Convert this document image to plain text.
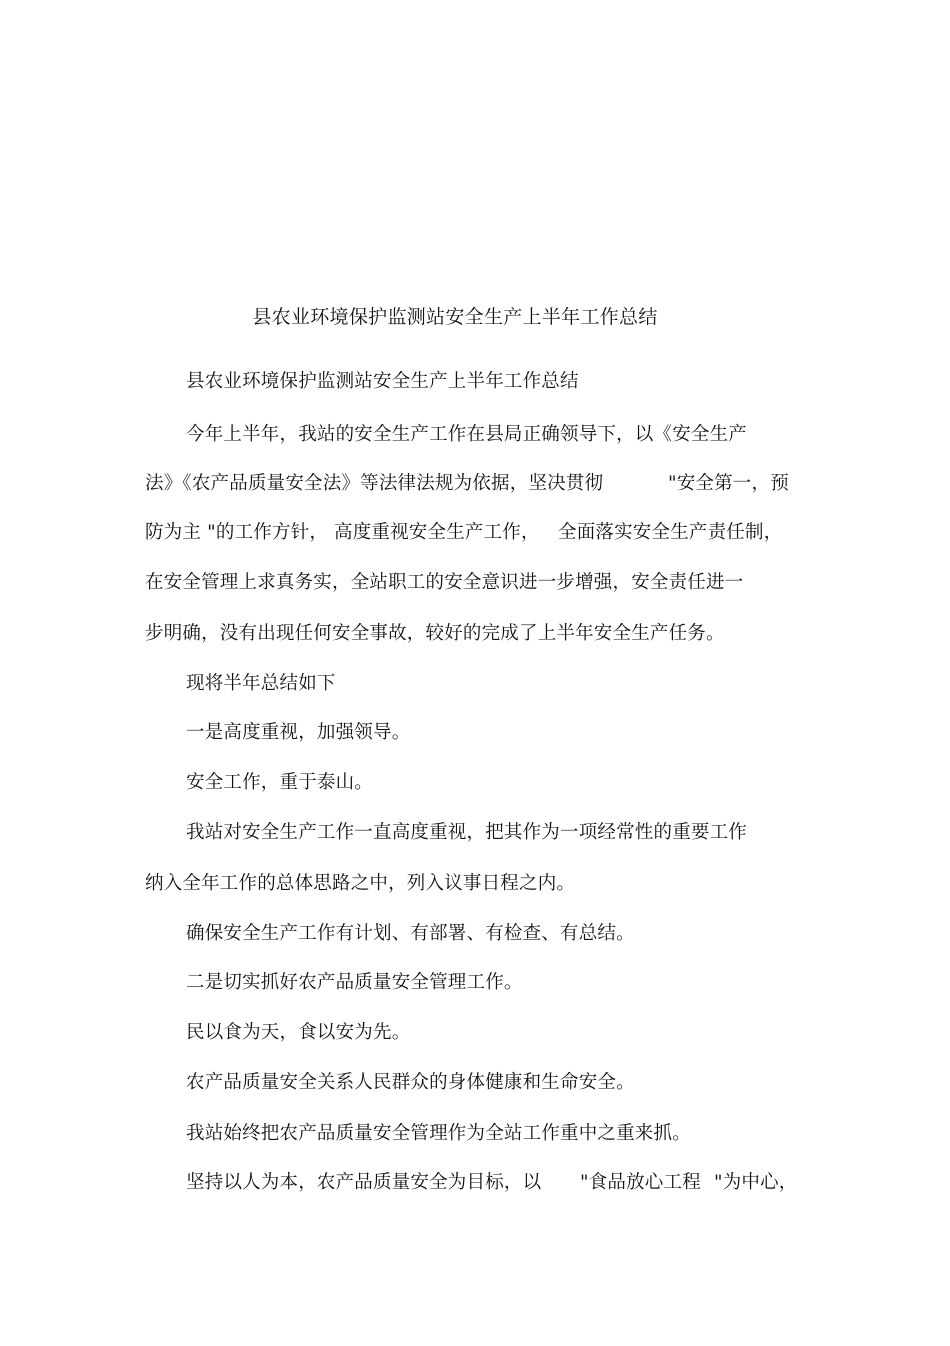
县农业环境保护监测站安全生产上半年工作总结
县农业环境保护监测站安全生产上半年工作总结
今年上半年，我站的安全生产工作在县局正确领导下，以《安全生产
法》《农产品质量安全法》等法律法规为依据，坚决贯彻	"安全第一，预
防为主 "的工作方针， 高度重视安全生产工作， 全面落实安全生产责任制，
在安全管理上求真务实，全站职工的安全意识进一步增强，安全责任进一
步明确，没有出现任何安全事故，较好的完成了上半年安全生产任务。
现将半年总结如下
一是高度重视，加强领导。
安全工作，重于泰山。
我站对安全生产工作一直高度重视，把其作为一项经常性的重要工作
纳入全年工作的总体思路之中，列入议事日程之内。
确保安全生产工作有计划、有部署、有检查、有总结。
二是切实抓好农产品质量安全管理工作。
民以食为天，食以安为先。
农产品质量安全关系人民群众的身体健康和生命安全。
我站始终把农产品质量安全管理作为全站工作重中之重来抓。
坚持以人为本，农产品质量安全为目标，以 "食品放心工程 "为中心，
